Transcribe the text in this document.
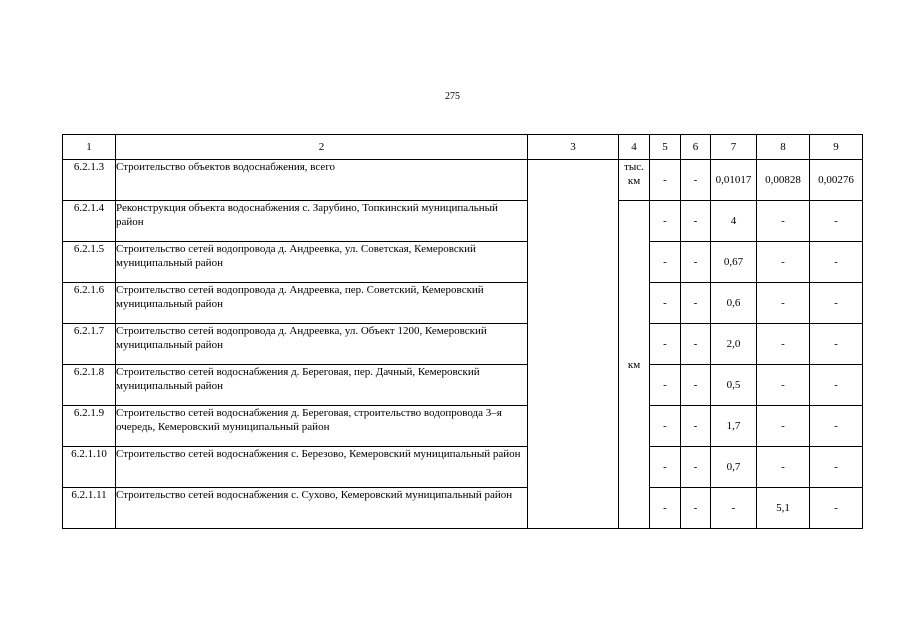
275
1	2	3	4	5	6	7	8	9
6.2.1.3	Строительство объектов водоснабжения, всего		тыс. км	-	-	0,01017	0,00828	0,00276
6.2.1.4	Реконструкция объекта водоснабжения с. Зарубино, Топкинский муниципальный район		км	-	-	4	-	-
6.2.1.5	Строительство сетей водопровода д. Андреевка, ул. Советская, Кемеровский муниципальный район			-	-	0,67	-	-
6.2.1.6	Строительство сетей водопровода д. Андреевка, пер. Советский, Кемеровский муниципальный район			-	-	0,6	-	-
6.2.1.7	Строительство сетей водопровода д. Андреевка, ул. Объект 1200, Кемеровский муниципальный район			-	-	2,0	-	-
6.2.1.8	Строительство сетей водоснабжения д. Береговая, пер. Дачный, Кемеровский муниципальный район			-	-	0,5	-	-
6.2.1.9	Строительство сетей водоснабжения д. Береговая, строительство водопровода 3–я очередь, Кемеровский муниципальный район			-	-	1,7	-	-
6.2.1.10	Строительство сетей водоснабжения с. Березово, Кемеровский муниципальный район			-	-	0,7	-	-
6.2.1.11	Строительство сетей водоснабжения с. Сухово, Кемеровский муниципальный район			-	-	-	5,1	-
